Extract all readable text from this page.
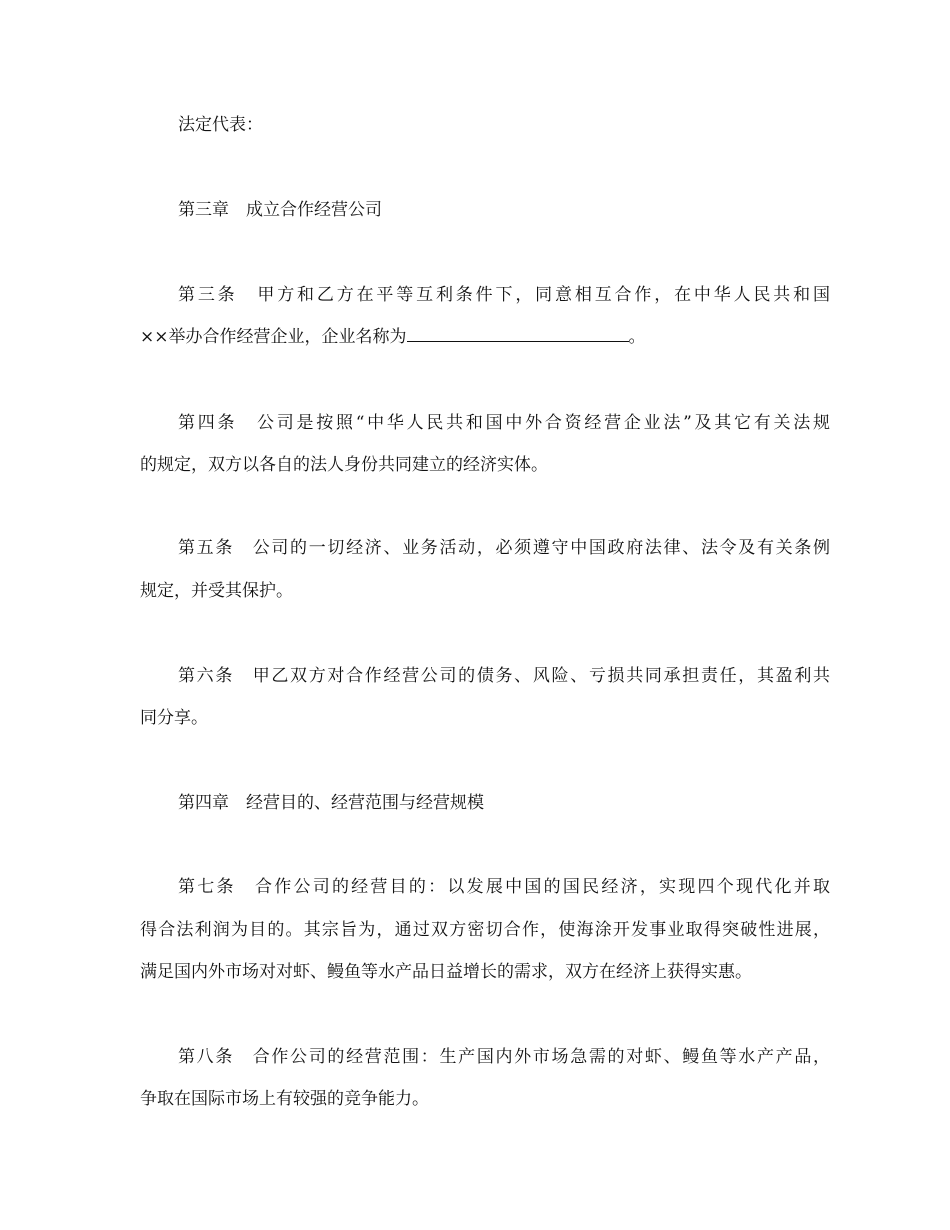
法定代表：
第三章　成立合作经营公司
第三条　甲方和乙方在平等互利条件下，同意相互合作，在中华人民共和国
××举办合作经营企业，企业名称为	。
第四条　公司是按照“中华人民共和国中外合资经营企业法”及其它有关法规
的规定，双方以各自的法人身份共同建立的经济实体。
第五条　公司的一切经济、业务活动，必须遵守中国政府法律、法令及有关条例
规定，并受其保护。
第六条　甲乙双方对合作经营公司的债务、风险、亏损共同承担责任，其盈利共
同分享。
第四章　经营目的、经营范围与经营规模
第七条　合作公司的经营目的：以发展中国的国民经济，实现四个现代化并取
得合法利润为目的。其宗旨为，通过双方密切合作，使海涂开发事业取得突破性进展，
满足国内外市场对对虾、鳗鱼等水产品日益增长的需求，双方在经济上获得实惠。
第八条　合作公司的经营范围：生产国内外市场急需的对虾、鳗鱼等水产产品，
争取在国际市场上有较强的竞争能力。
